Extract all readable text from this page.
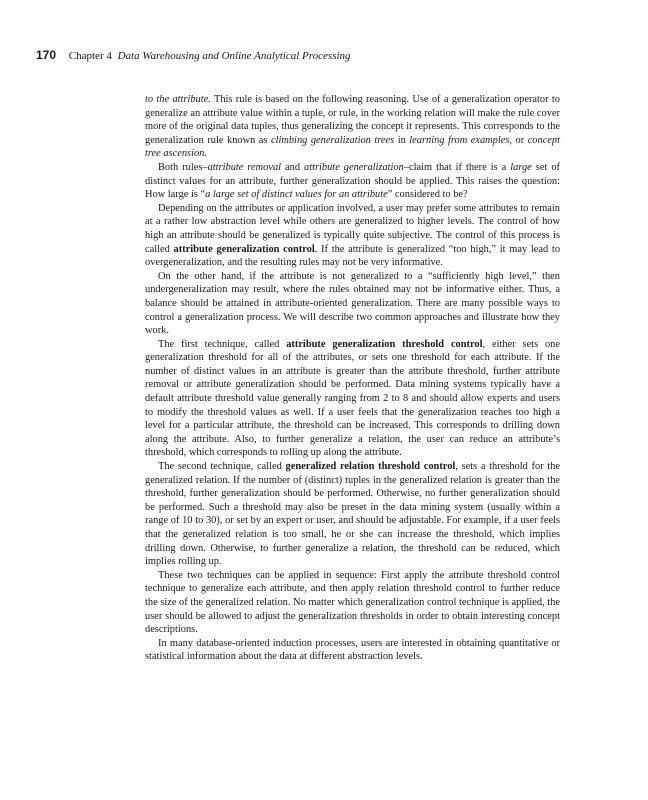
170 Chapter 4 Data Warehousing and Online Analytical Processing

to the attribute. This rule is based on the following reasoning. Use of a generalization operator to generalize an attribute value within a tuple, or rule, in the working relation will make the rule cover more of the original data tuples, thus generalizing the concept it represents. This corresponds to the generalization rule known as climbing generalization trees in learning from examples, or concept tree ascension.

Both rules–attribute removal and attribute generalization–claim that if there is a large set of distinct values for an attribute, further generalization should be applied. This raises the question: How large is “a large set of distinct values for an attribute” considered to be?

Depending on the attributes or application involved, a user may prefer some attributes to remain at a rather low abstraction level while others are generalized to higher levels. The control of how high an attribute should be generalized is typically quite subjective. The control of this process is called attribute generalization control. If the attribute is generalized “too high,” it may lead to overgeneralization, and the resulting rules may not be very informative.

On the other hand, if the attribute is not generalized to a “sufficiently high level,” then undergeneralization may result, where the rules obtained may not be informative either. Thus, a balance should be attained in attribute-oriented generalization. There are many possible ways to control a generalization process. We will describe two common approaches and illustrate how they work.

The first technique, called attribute generalization threshold control, either sets one generalization threshold for all of the attributes, or sets one threshold for each attribute. If the number of distinct values in an attribute is greater than the attribute threshold, further attribute removal or attribute generalization should be performed. Data mining systems typically have a default attribute threshold value generally ranging from 2 to 8 and should allow experts and users to modify the threshold values as well. If a user feels that the generalization reaches too high a level for a particular attribute, the threshold can be increased. This corresponds to drilling down along the attribute. Also, to further generalize a relation, the user can reduce an attribute’s threshold, which corresponds to rolling up along the attribute.

The second technique, called generalized relation threshold control, sets a threshold for the generalized relation. If the number of (distinct) tuples in the generalized relation is greater than the threshold, further generalization should be performed. Otherwise, no further generalization should be performed. Such a threshold may also be preset in the data mining system (usually within a range of 10 to 30), or set by an expert or user, and should be adjustable. For example, if a user feels that the generalized relation is too small, he or she can increase the threshold, which implies drilling down. Otherwise, to further generalize a relation, the threshold can be reduced, which implies rolling up.

These two techniques can be applied in sequence: First apply the attribute threshold control technique to generalize each attribute, and then apply relation threshold control to further reduce the size of the generalized relation. No matter which generalization control technique is applied, the user should be allowed to adjust the generalization thresholds in order to obtain interesting concept descriptions.

In many database-oriented induction processes, users are interested in obtaining quantitative or statistical information about the data at different abstraction levels.
